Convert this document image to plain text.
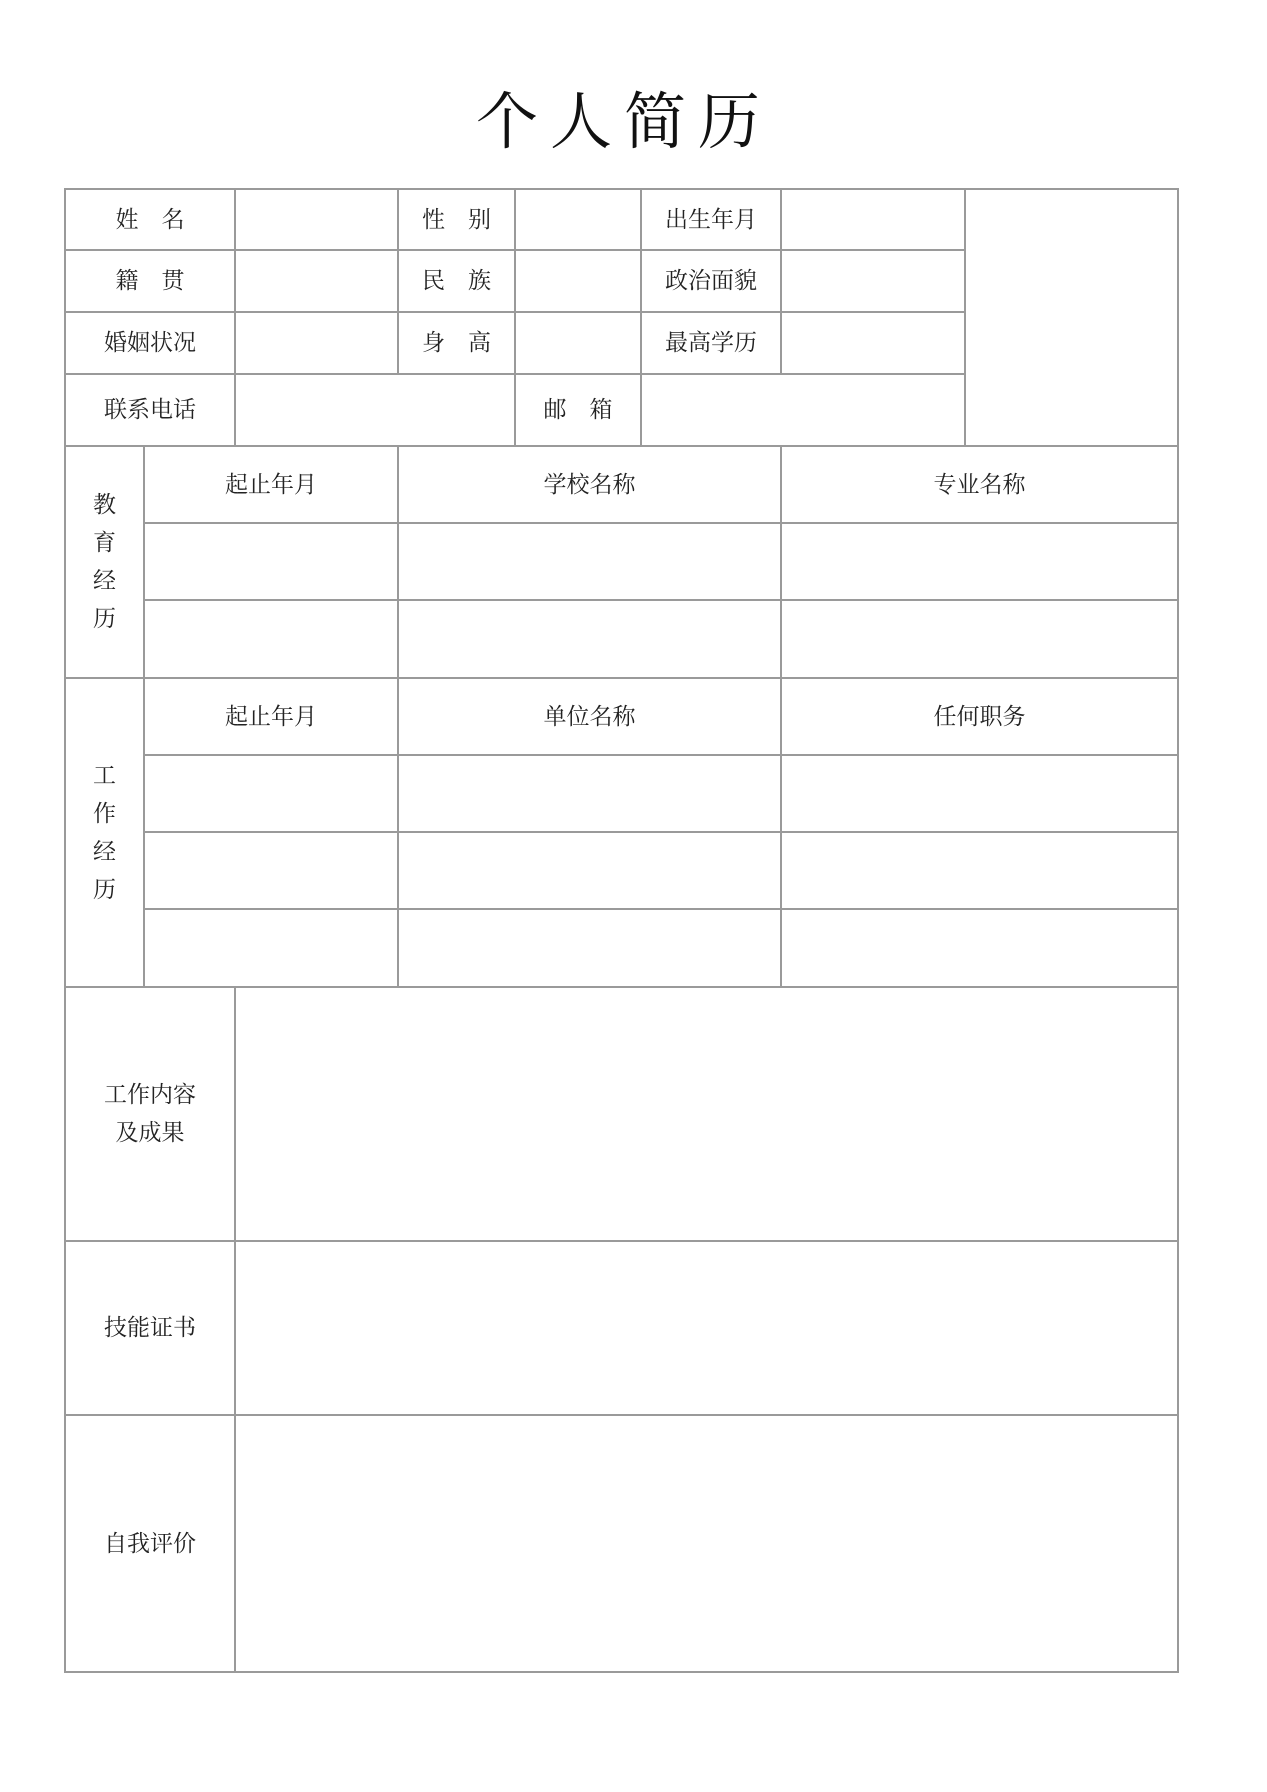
个人简历
姓　名	性　别	出生年月
籍　贯	民　族	政治面貌
婚姻状况	身　高	最高学历
联系电话	邮　箱
教
育
经
历
起止年月	学校名称	专业名称
工
作
经
历
起止年月	单位名称	任何职务
工作内容
及成果
技能证书
自我评价
